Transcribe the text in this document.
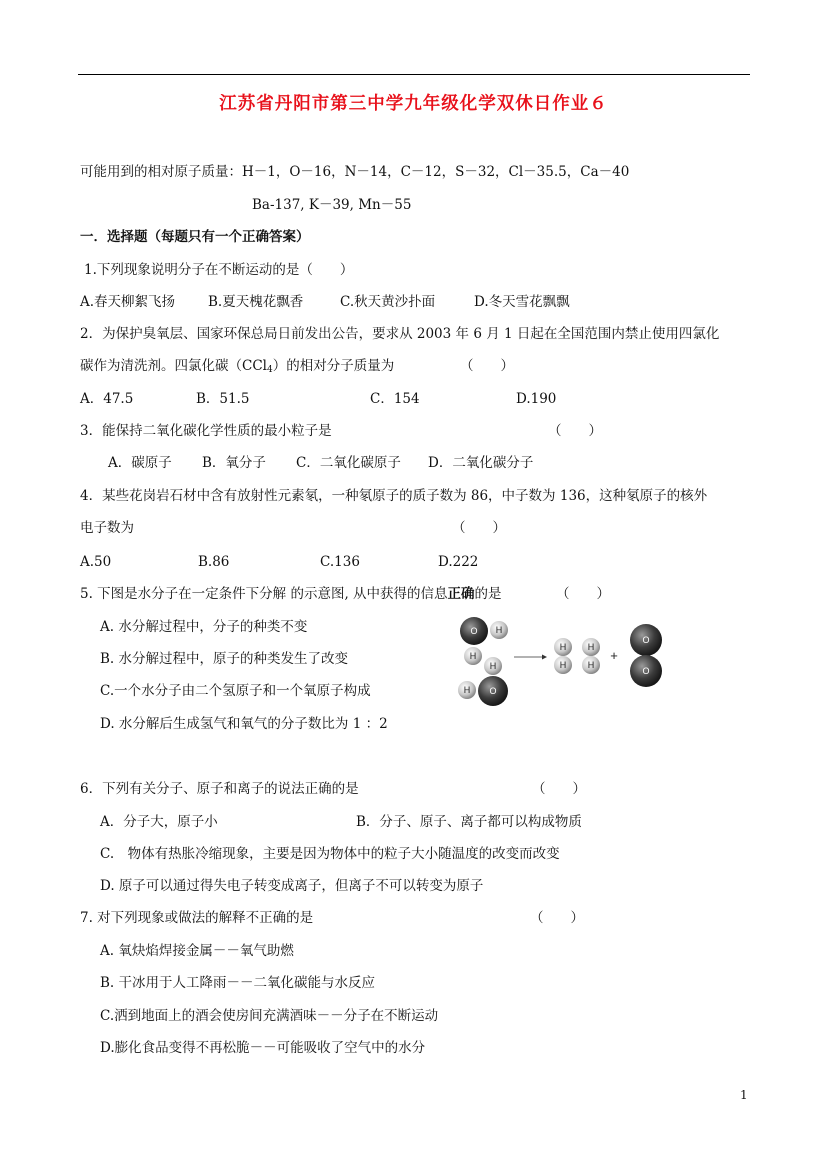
江苏省丹阳市第三中学九年级化学双休日作业６
可能用到的相对原子质量：H－1，O－16，N－14，C－12，S－32，Cl－35.5，Ca－40
Ba-137, K－39, Mn－55
一．选择题（每题只有一个正确答案）
1.下列现象说明分子在不断运动的是（　　）
A.春天柳絮飞扬 B.夏天槐花飘香	C.秋天黄沙扑面	D.冬天雪花飘飘
2．为保护臭氧层、国家环保总局日前发出公告，要求从 2003 年 6 月 1 日起在全国范围内禁止使用四氯化
碳作为清洗剂。四氯化碳（CCl$_4$）的相对分子质量为	（　　）
A．47.5	B．51.5	C．154	D.190
3．能保持二氧化碳化学性质的最小粒子是	（　　）
A．碳原子 B．氧分子 C．二氧化碳原子 D．二氧化碳分子
4．某些花岗岩石材中含有放射性元素氡，一种氡原子的质子数为 86，中子数为 136，这种氡原子的核外
电子数为	（　　）
A.50	B.86	C.136	D.222
5. 下图是水分子在一定条件下分解 的示意图, 从中获得的信息正确的是	（　　）
A. 水分解过程中，分子的种类不变
B. 水分解过程中，原子的种类发生了改变
C.一个水分子由二个氢原子和一个氧原子构成
D. 水分解后生成氢气和氧气的分子数比为 1 ：2
O H
H
H
O
H
H
H
H
H
+
O
O
6．下列有关分子、原子和离子的说法正确的是	（　　）
A．分子大，原子小	B．分子、原子、离子都可以构成物质
C.　物体有热胀冷缩现象，主要是因为物体中的粒子大小随温度的改变而改变
D. 原子可以通过得失电子转变成离子，但离子不可以转变为原子
7. 对下列现象或做法的解释不正确的是	（　　）
A. 氧炔焰焊接金属－－氧气助燃
B. 干冰用于人工降雨－－二氧化碳能与水反应
C.洒到地面上的酒会使房间充满酒味－－分子在不断运动
D.膨化食品变得不再松脆－－可能吸收了空气中的水分
1
